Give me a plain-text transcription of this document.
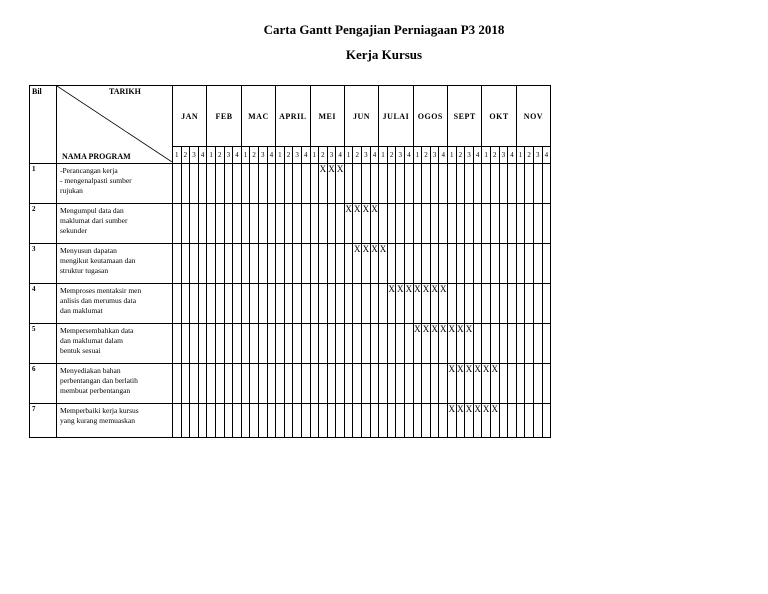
Carta Gantt Pengajian Perniagaan P3 2018
Kerja Kursus
Bil	TARIKH
NAMA PROGRAM	JAN				FEB				MAC				APRIL				MEI				JUN				JULAI				OGOS				SEPT				OKT				NOV			
		1	2	3	4	1	2	3	4	1	2	3	4	1	2	3	4	1	2	3	4	1	2	3	4	1	2	3	4	1	2	3	4	1	2	3	4	1	2	3	4	1	2	3	4
1	-Perancangan kerja
- mengenalpasti sumber
rujukan																		X	X	X																								
2	Mengumpul data dan
maklumat dari sumber
sekunder																					X	X	X	X																				
3	Menyusun dapatan
mengikut keutamaan dan
struktur tugasan																						X	X	X	X																			
4	Memproses mentaksir men
anlisis dan merumus data
dan maklumat																										X	X	X	X	X	X	X												
5	Mempersembahkan data
dan maklumat dalam
bentuk sesuai																													X	X	X	X	X	X	X									
6	Menyediakan bahan
perbentangan dan berlatih
membuat perbentangan																																	X	X	X	X	X	X						
7	Memperbaiki kerja kursus
yang kurang memuaskan																																	X	X	X	X	X	X						
